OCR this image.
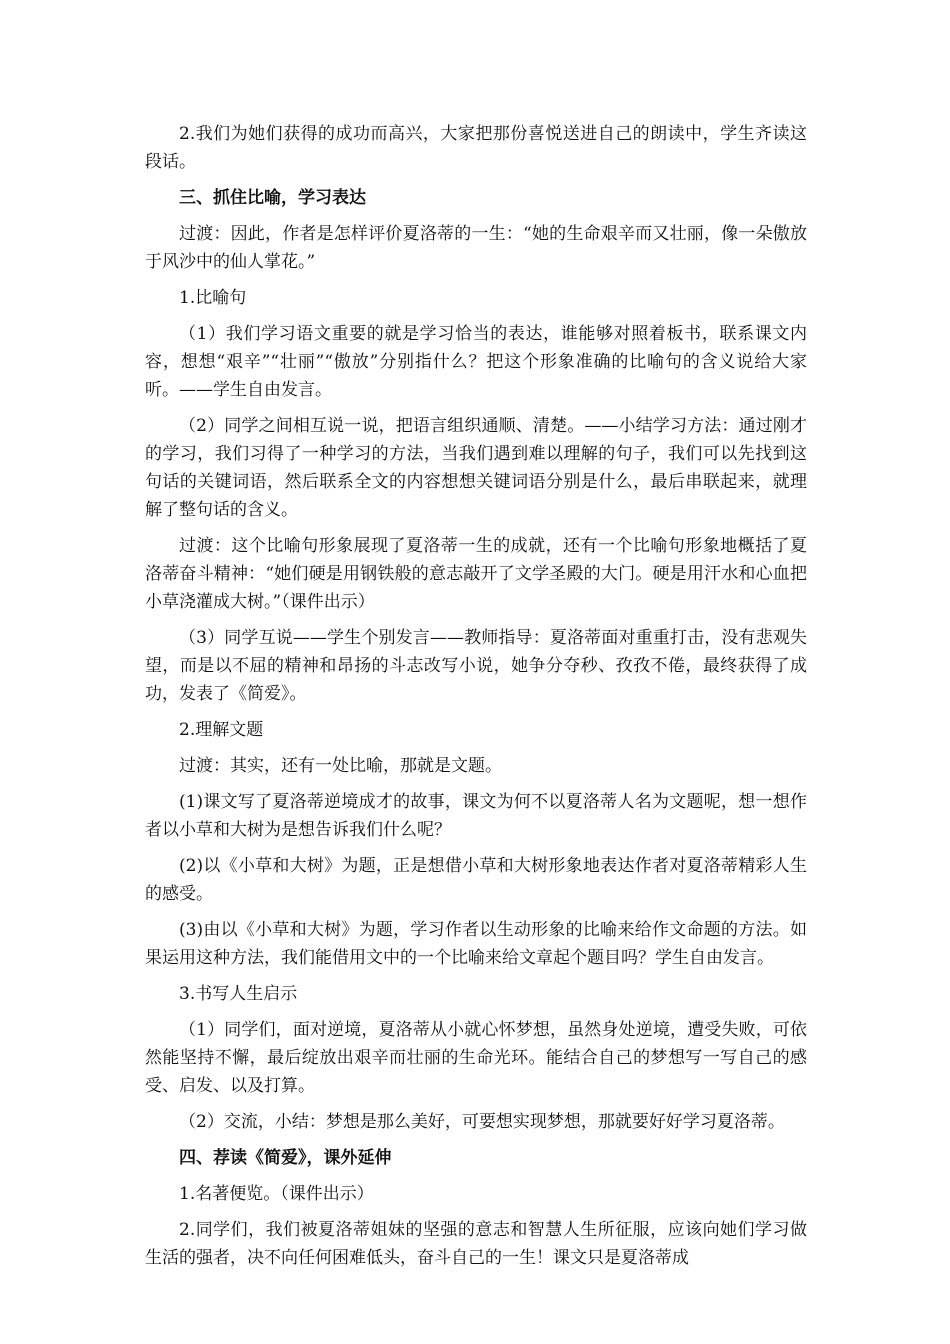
2.我们为她们获得的成功而高兴，大家把那份喜悦送进自己的朗读中，学生齐读这段话。

三、抓住比喻，学习表达

过渡：因此，作者是怎样评价夏洛蒂的一生：“她的生命艰辛而又壮丽，像一朵傲放于风沙中的仙人掌花。”

1.比喻句

（1）我们学习语文重要的就是学习恰当的表达，谁能够对照着板书，联系课文内容，想想“艰辛”“壮丽”“傲放”分别指什么？把这个形象准确的比喻句的含义说给大家听。——学生自由发言。

（2）同学之间相互说一说，把语言组织通顺、清楚。——小结学习方法：通过刚才的学习，我们习得了一种学习的方法，当我们遇到难以理解的句子，我们可以先找到这句话的关键词语，然后联系全文的内容想想关键词语分别是什么，最后串联起来，就理解了整句话的含义。

过渡：这个比喻句形象展现了夏洛蒂一生的成就，还有一个比喻句形象地概括了夏洛蒂奋斗精神：“她们硬是用钢铁般的意志敲开了文学圣殿的大门。硬是用汗水和心血把小草浇灌成大树。”（课件出示）

（3）同学互说——学生个别发言——教师指导：夏洛蒂面对重重打击，没有悲观失望，而是以不屈的精神和昂扬的斗志改写小说，她争分夺秒、孜孜不倦，最终获得了成功，发表了《简爱》。

2.理解文题

过渡：其实，还有一处比喻，那就是文题。

(1)课文写了夏洛蒂逆境成才的故事，课文为何不以夏洛蒂人名为文题呢，想一想作者以小草和大树为是想告诉我们什么呢？

(2)以《小草和大树》为题，正是想借小草和大树形象地表达作者对夏洛蒂精彩人生的感受。

(3)由以《小草和大树》为题，学习作者以生动形象的比喻来给作文命题的方法。如果运用这种方法，我们能借用文中的一个比喻来给文章起个题目吗？学生自由发言。

3.书写人生启示

（1）同学们，面对逆境，夏洛蒂从小就心怀梦想，虽然身处逆境，遭受失败，可依然能坚持不懈，最后绽放出艰辛而壮丽的生命光环。能结合自己的梦想写一写自己的感受、启发、以及打算。

（2）交流，小结：梦想是那么美好，可要想实现梦想，那就要好好学习夏洛蒂。

四、荐读《简爱》，课外延伸

1.名著便览。（课件出示）

2.同学们，我们被夏洛蒂姐妹的坚强的意志和智慧人生所征服，应该向她们学习做生活的强者，决不向任何困难低头，奋斗自己的一生！课文只是夏洛蒂成
